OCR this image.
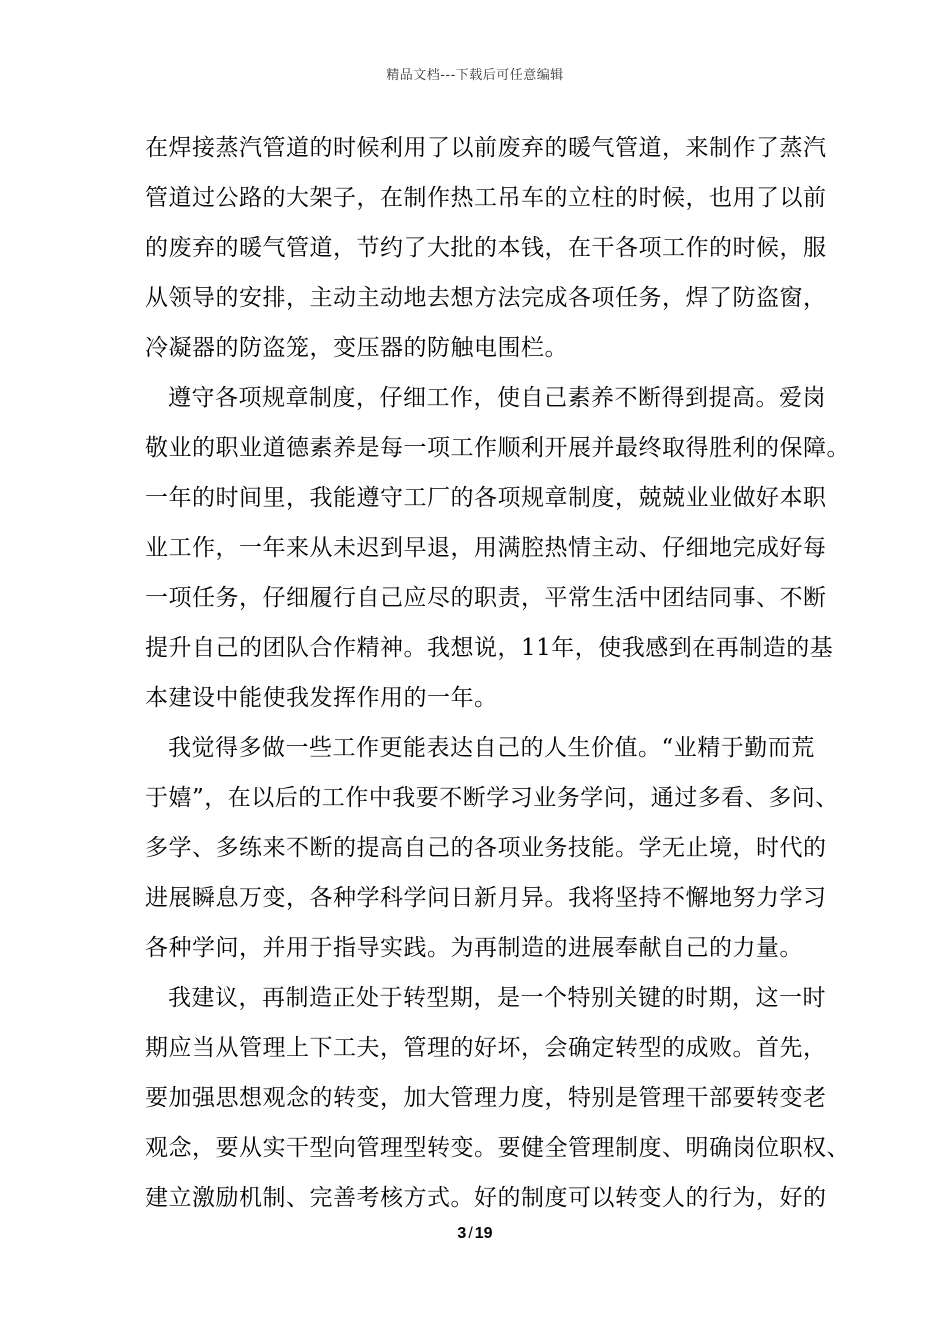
精品文档---下载后可任意编辑
在焊接蒸汽管道的时候利用了以前废弃的暖气管道，来制作了蒸汽
管道过公路的大架子，在制作热工吊车的立柱的时候，也用了以前
的废弃的暖气管道，节约了大批的本钱，在干各项工作的时候，服
从领导的安排，主动主动地去想方法完成各项任务，焊了防盗窗，
冷凝器的防盗笼，变压器的防触电围栏。
遵守各项规章制度，仔细工作，使自己素养不断得到提高。爱岗
敬业的职业道德素养是每一项工作顺利开展并最终取得胜利的保障。
一年的时间里，我能遵守工厂的各项规章制度，兢兢业业做好本职
业工作，一年来从未迟到早退，用满腔热情主动、仔细地完成好每
一项任务，仔细履行自己应尽的职责，平常生活中团结同事、不断
提升自己的团队合作精神。我想说，11年，使我感到在再制造的基
本建设中能使我发挥作用的一年。
我觉得多做一些工作更能表达自己的人生价值。“业精于勤而荒
于嬉”，在以后的工作中我要不断学习业务学问，通过多看、多问、
多学、多练来不断的提高自己的各项业务技能。学无止境，时代的
进展瞬息万变，各种学科学问日新月异。我将坚持不懈地努力学习
各种学问，并用于指导实践。为再制造的进展奉献自己的力量。
我建议，再制造正处于转型期，是一个特别关键的时期，这一时
期应当从管理上下工夫，管理的好坏，会确定转型的成败。首先，
要加强思想观念的转变，加大管理力度，特别是管理干部要转变老
观念，要从实干型向管理型转变。要健全管理制度、明确岗位职权、
建立激励机制、完善考核方式。好的制度可以转变人的行为，好的
3 / 19
